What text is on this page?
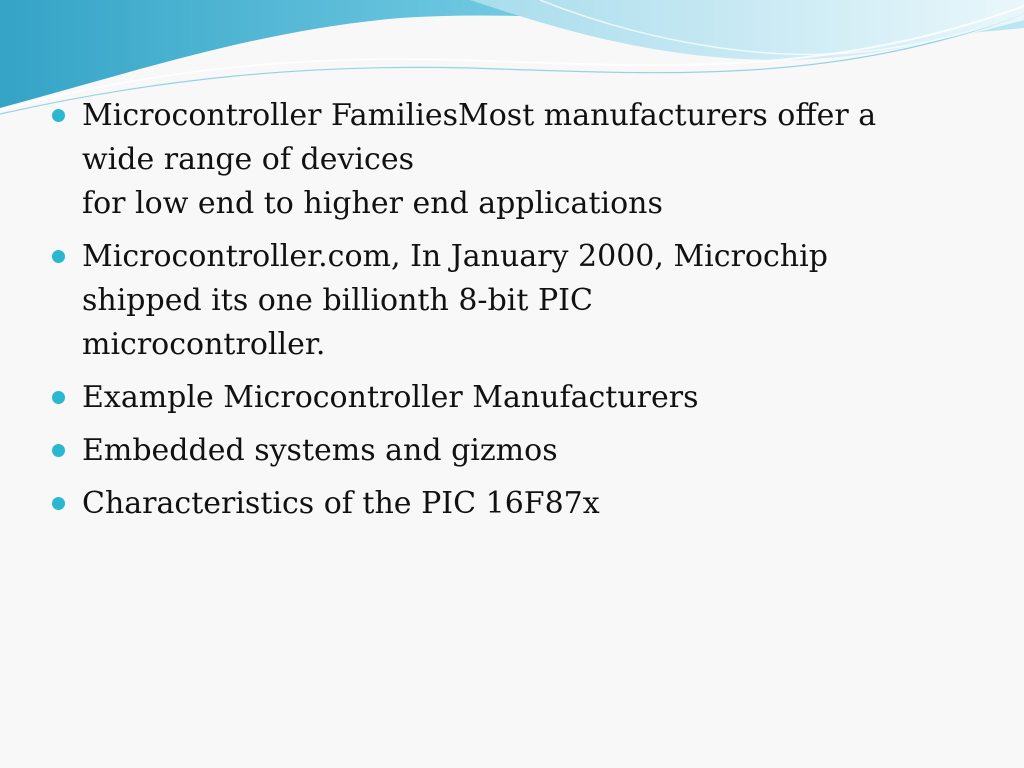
Microcontroller FamiliesMost manufacturers offer a
wide range of devices
for low end to higher end applications
Microcontroller.com, In January 2000, Microchip
shipped its one billionth 8-bit PIC
microcontroller.
Example Microcontroller Manufacturers
Embedded systems and gizmos
Characteristics of the PIC 16F87x
